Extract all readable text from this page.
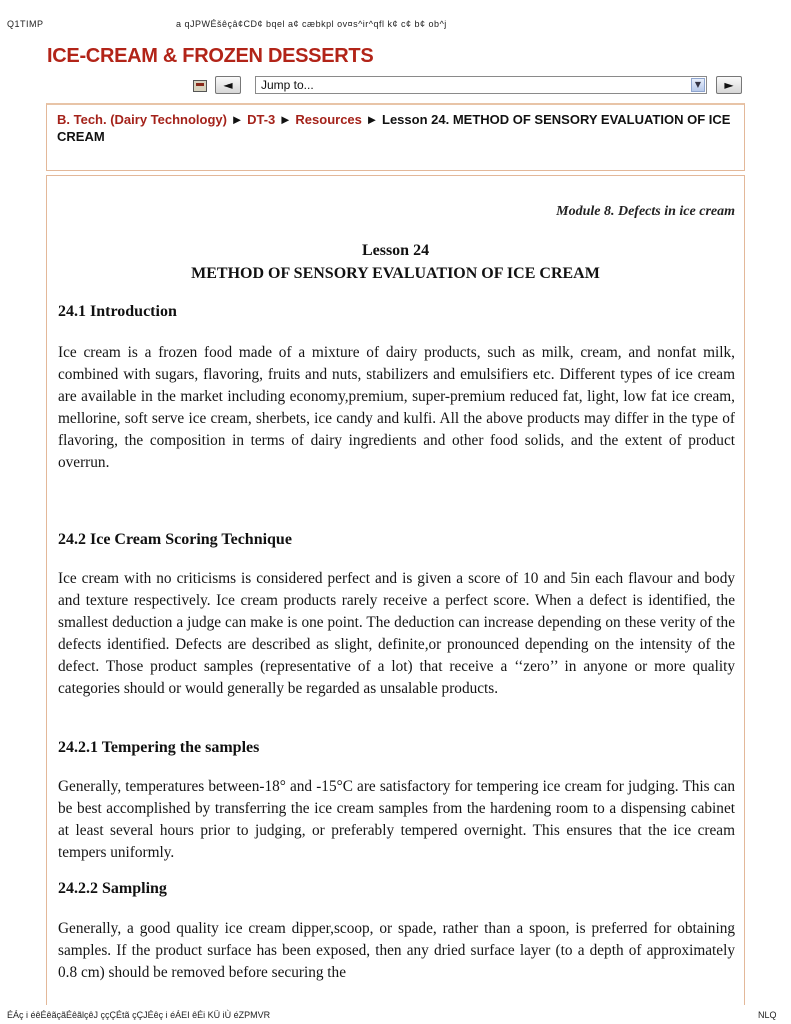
Q1TIMP	a qJPWÉšêçâ¢CD¢ bqel a¢ cæbkpl ov¤s^ir^qfl k¢ c¢ b¢ ob^j
ICE-CREAM & FROZEN DESSERTS
◄	Jump to...	▼	►
B. Tech. (Dairy Technology) ► DT-3 ► Resources ► Lesson 24. METHOD OF SENSORY EVALUATION OF ICE CREAM
Module 8. Defects in ice cream
Lesson 24
METHOD OF SENSORY EVALUATION OF ICE CREAM
24.1 Introduction

Ice cream is a frozen food made of a mixture of dairy products, such as milk, cream, and nonfat milk, combined with sugars, flavoring, fruits and nuts, stabilizers and emulsifiers etc. Different types of ice cream are available in the market including economy,premium, super-premium reduced fat, light, low fat ice cream, mellorine, soft serve ice cream, sherbets, ice candy and kulfi. All the above products may differ in the type of flavoring, the composition in terms of dairy ingredients and other food solids, and the extent of product overrun.

24.2 Ice Cream Scoring Technique

Ice cream with no criticisms is considered perfect and is given a score of 10 and 5in each flavour and body and texture respectively. Ice cream products rarely receive a perfect score. When a defect is identified, the smallest deduction a judge can make is one point. The deduction can increase depending on these verity of the defects identified. Defects are described as slight, definite,or pronounced depending on the intensity of the defect. Those product samples (representative of a lot) that receive a ‘‘zero’’ in anyone or more quality categories should or would generally be regarded as unsalable products.

24.2.1 Tempering the samples

Generally, temperatures between-18° and -15°C are satisfactory for tempering ice cream for judging. This can be best accomplished by transferring the ice cream samples from the hardening room to a dispensing cabinet at least several hours prior to judging, or preferably tempered overnight. This ensures that the ice cream tempers uniformly.

24.2.2 Sampling

Generally, a good quality ice cream dipper,scoop, or spade, rather than a spoon, is preferred for obtaining samples. If the product surface has been exposed, then any dried surface layer (to a depth of approximately 0.8 cm) should be removed before securing the

ÉÁç i éêÉêãçãÉêãlçêJ ççÇÉtã çÇJÉêç i éÁEI êÉi KÜ iÙ éZPMVR	NLQ
